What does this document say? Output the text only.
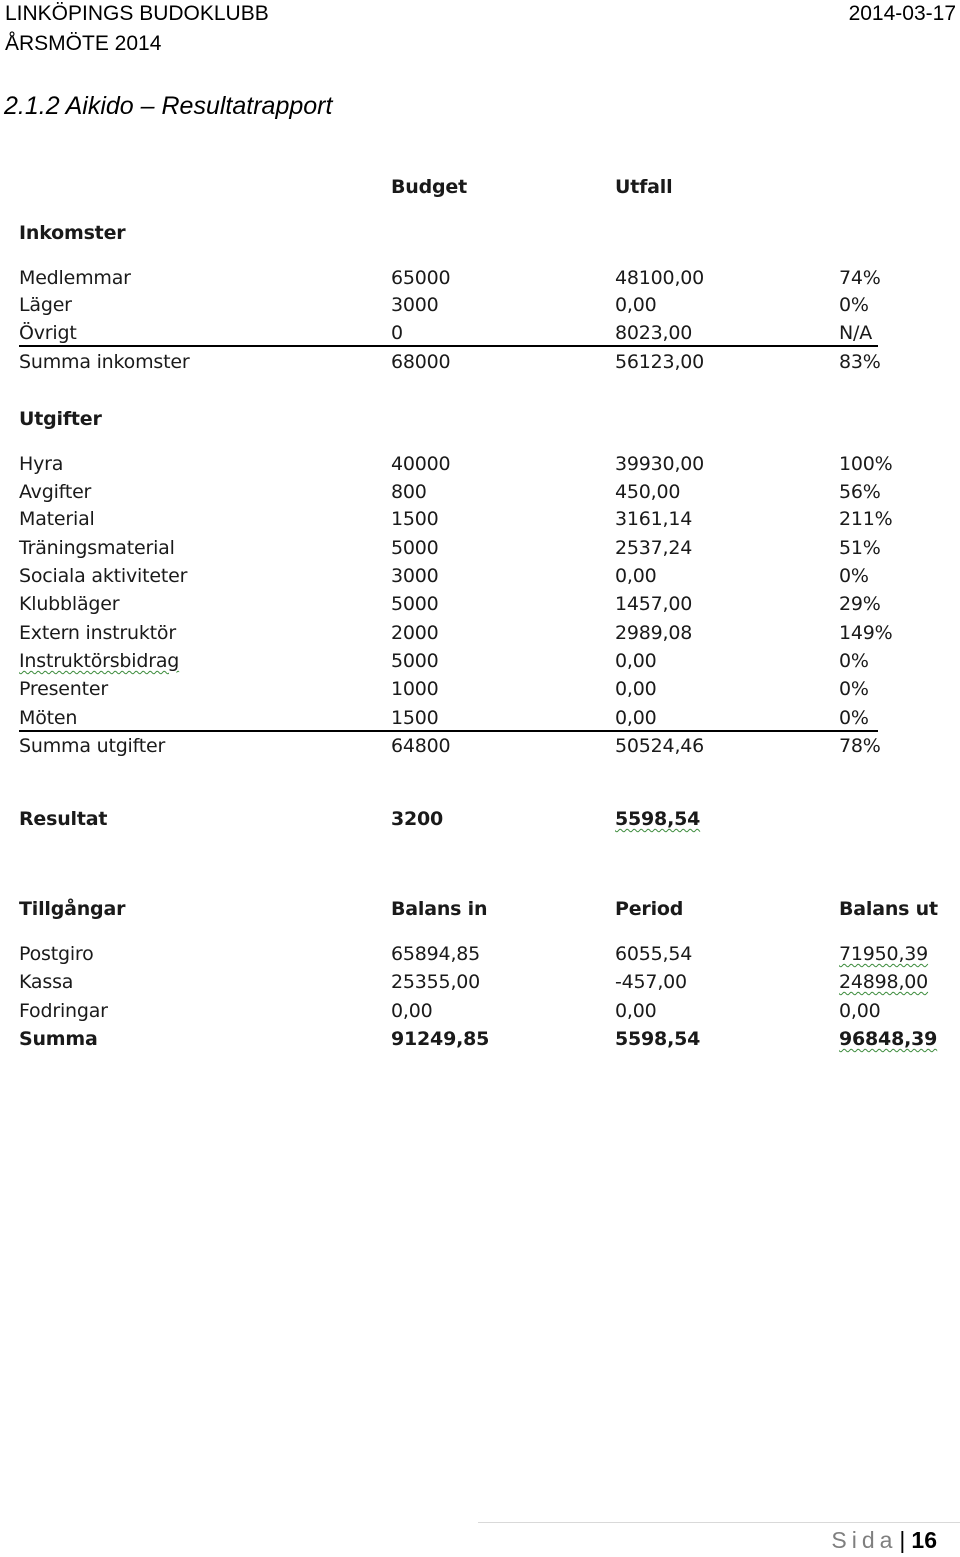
LINKÖPINGS BUDOKLUBB
ÅRSMÖTE 2014
2014-03-17
2.1.2 Aikido – Resultatrapport
Budget	Utfall
Inkomster
Medlemmar	65000	48100,00	74%
Läger	3000	0,00	0%
Övrigt	0	8023,00	N/A
Summa inkomster	68000	56123,00	83%
Utgifter
Hyra	40000	39930,00	100%
Avgifter	800	450,00	56%
Material	1500	3161,14	211%
Träningsmaterial	5000	2537,24	51%
Sociala aktiviteter	3000	0,00	0%
Klubbläger	5000	1457,00	29%
Extern instruktör	2000	2989,08	149%
Instruktörsbidrag	5000	0,00	0%
Presenter	1000	0,00	0%
Möten	1500	0,00	0%
Summa utgifter	64800	50524,46	78%
Resultat	3200	5598,54
Tillgångar	Balans in	Period	Balans ut
Postgiro	65894,85	6055,54	71950,39
Kassa	25355,00	-457,00	24898,00
Fodringar	0,00	0,00	0,00
Summa	91249,85	5598,54	96848,39
Sida| 16
